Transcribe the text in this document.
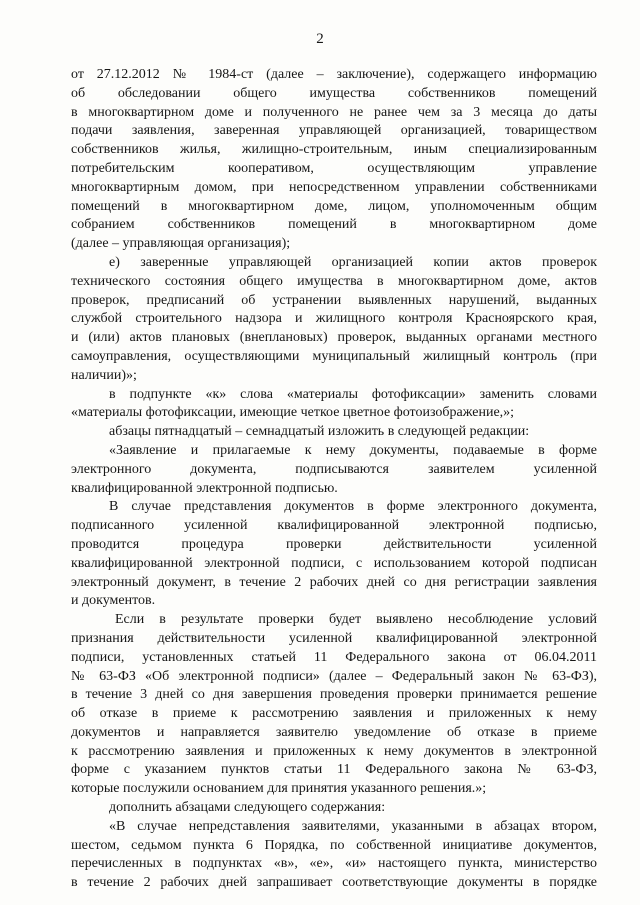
2
от 27.12.2012 № 1984-ст (далее – заключение), содержащего информацию
об обследовании общего имущества собственников помещений
в многоквартирном доме и полученного не ранее чем за 3 месяца до даты
подачи заявления, заверенная управляющей организацией, товариществом
собственников жилья, жилищно-строительным, иным специализированным
потребительским кооперативом, осуществляющим управление
многоквартирным домом, при непосредственном управлении собственниками
помещений в многоквартирном доме, лицом, уполномоченным общим
собранием собственников помещений в многоквартирном доме
(далее – управляющая организация);
е) заверенные управляющей организацией копии актов проверок
технического состояния общего имущества в многоквартирном доме, актов
проверок, предписаний об устранении выявленных нарушений, выданных
службой строительного надзора и жилищного контроля Красноярского края,
и (или) актов плановых (внеплановых) проверок, выданных органами местного
самоуправления, осуществляющими муниципальный жилищный контроль (при
наличии)»;
в подпункте «к» слова «материалы фотофиксации» заменить словами
«материалы фотофиксации, имеющие четкое цветное фотоизображение,»;
абзацы пятнадцатый – семнадцатый изложить в следующей редакции:
«Заявление и прилагаемые к нему документы, подаваемые в форме
электронного документа, подписываются заявителем усиленной
квалифицированной электронной подписью.
В случае представления документов в форме электронного документа,
подписанного усиленной квалифицированной электронной подписью,
проводится процедура проверки действительности усиленной
квалифицированной электронной подписи, с использованием которой подписан
электронный документ, в течение 2 рабочих дней со дня регистрации заявления
и документов.
Если в результате проверки будет выявлено несоблюдение условий
признания действительности усиленной квалифицированной электронной
подписи, установленных статьей 11 Федерального закона от 06.04.2011
№ 63-ФЗ «Об электронной подписи» (далее – Федеральный закон № 63-ФЗ),
в течение 3 дней со дня завершения проведения проверки принимается решение
об отказе в приеме к рассмотрению заявления и приложенных к нему
документов и направляется заявителю уведомление об отказе в приеме
к рассмотрению заявления и приложенных к нему документов в электронной
форме с указанием пунктов статьи 11 Федерального закона № 63-ФЗ,
которые послужили основанием для принятия указанного решения.»;
дополнить абзацами следующего содержания:
«В случае непредставления заявителями, указанными в абзацах втором,
шестом, седьмом пункта 6 Порядка, по собственной инициативе документов,
перечисленных в подпунктах «в», «е», «и» настоящего пункта, министерство
в течение 2 рабочих дней запрашивает соответствующие документы в порядке
